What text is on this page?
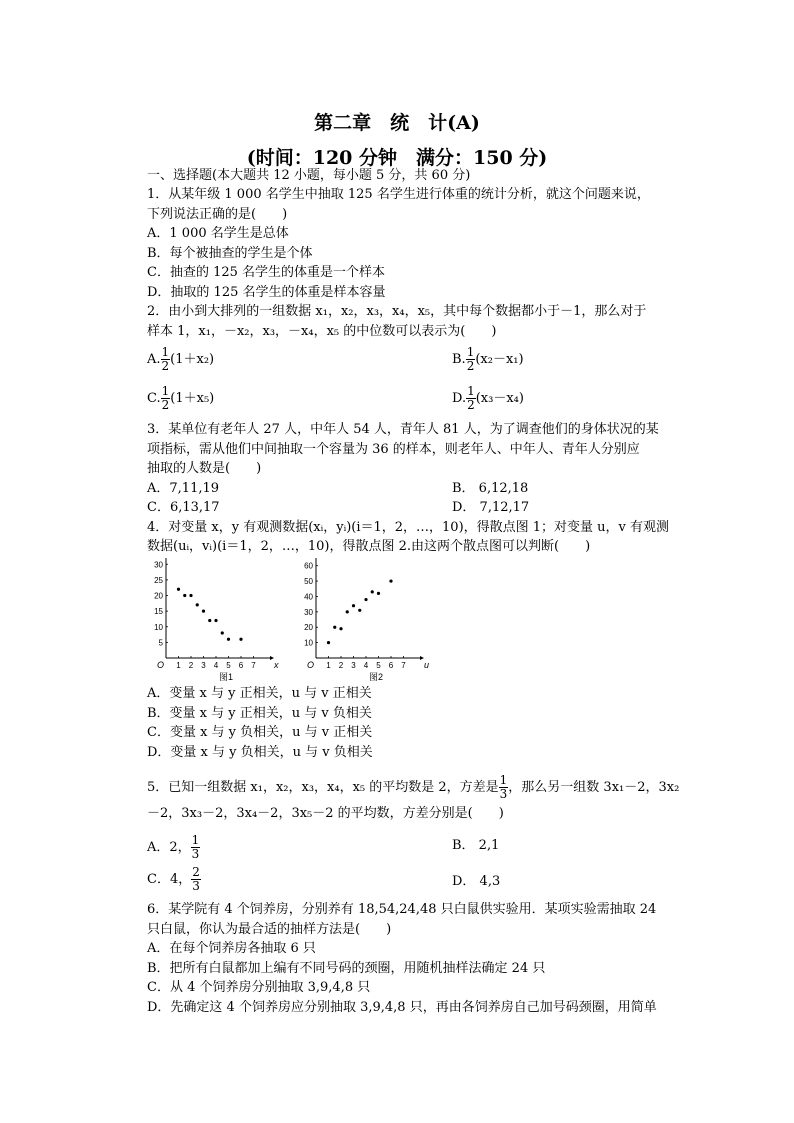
第二章　统　计(A)
(时间：120 分钟　满分：150 分)
一、选择题(本大题共 12 小题，每小题 5 分，共 60 分)
1．从某年级 1 000 名学生中抽取 125 名学生进行体重的统计分析，就这个问题来说，
下列说法正确的是(　　)
A．1 000 名学生是总体
B．每个被抽查的学生是个体
C．抽查的 125 名学生的体重是一个样本
D．抽取的 125 名学生的体重是样本容量
2．由小到大排列的一组数据 x₁，x₂，x₃，x₄，x₅，其中每个数据都小于－1，那么对于
样本 1，x₁，－x₂，x₃，－x₄，x₅ 的中位数可以表示为(　　)
A. $\frac{1}{2} (1+x_2)$	B. $\frac{1}{2} (x_2-x_1)$
C. $\frac{1}{2} (1+x_5)$	D. $\frac{1}{2} (x_3-x_4)$
3．某单位有老年人 27 人，中年人 54 人，青年人 81 人，为了调查他们的身体状况的某
项指标，需从他们中间抽取一个容量为 36 的样本，则老年人、中年人、青年人分别应
抽取的人数是(　　)
A．7,11,19	B． 6,12,18
C．6,13,17	D． 7,12,17
4．对变量 x，y 有观测数据(xᵢ，yᵢ)(i＝1，2，…，10)，得散点图 1；对变量 u，v 有观测
数据(uᵢ，vᵢ)(i＝1，2，…，10)，得散点图 2.由这两个散点图可以判断(　　)
x
O 1 2 3 4 5 6 7
5
10
15
20
25
30
图1
u
O 1 2 3 4 5 6 7
10
20
30
40
50
60
图2
A．变量 x 与 y 正相关，u 与 v 正相关
B．变量 x 与 y 正相关，u 与 v 负相关
C．变量 x 与 y 负相关，u 与 v 正相关
D．变量 x 与 y 负相关，u 与 v 负相关
5．已知一组数据 x₁，x₂，x₃，x₄，x₅ 的平均数是 2，方差是 $\frac{1}{3}$ ，那么另一组数 3x₁－2，3x₂
－2，3x₃－2，3x₄－2，3x₅－2 的平均数，方差分别是(　　)
A．2， $\frac{1}{3}$	B． 2,1
C．4， $\frac{2}{3}$	D． 4,3
6．某学院有 4 个饲养房，分别养有 18,54,24,48 只白鼠供实验用．某项实验需抽取 24
只白鼠，你认为最合适的抽样方法是(　　)
A．在每个饲养房各抽取 6 只
B．把所有白鼠都加上编有不同号码的颈圈，用随机抽样法确定 24 只
C．从 4 个饲养房分别抽取 3,9,4,8 只
D．先确定这 4 个饲养房应分别抽取 3,9,4,8 只，再由各饲养房自己加号码颈圈，用简单
